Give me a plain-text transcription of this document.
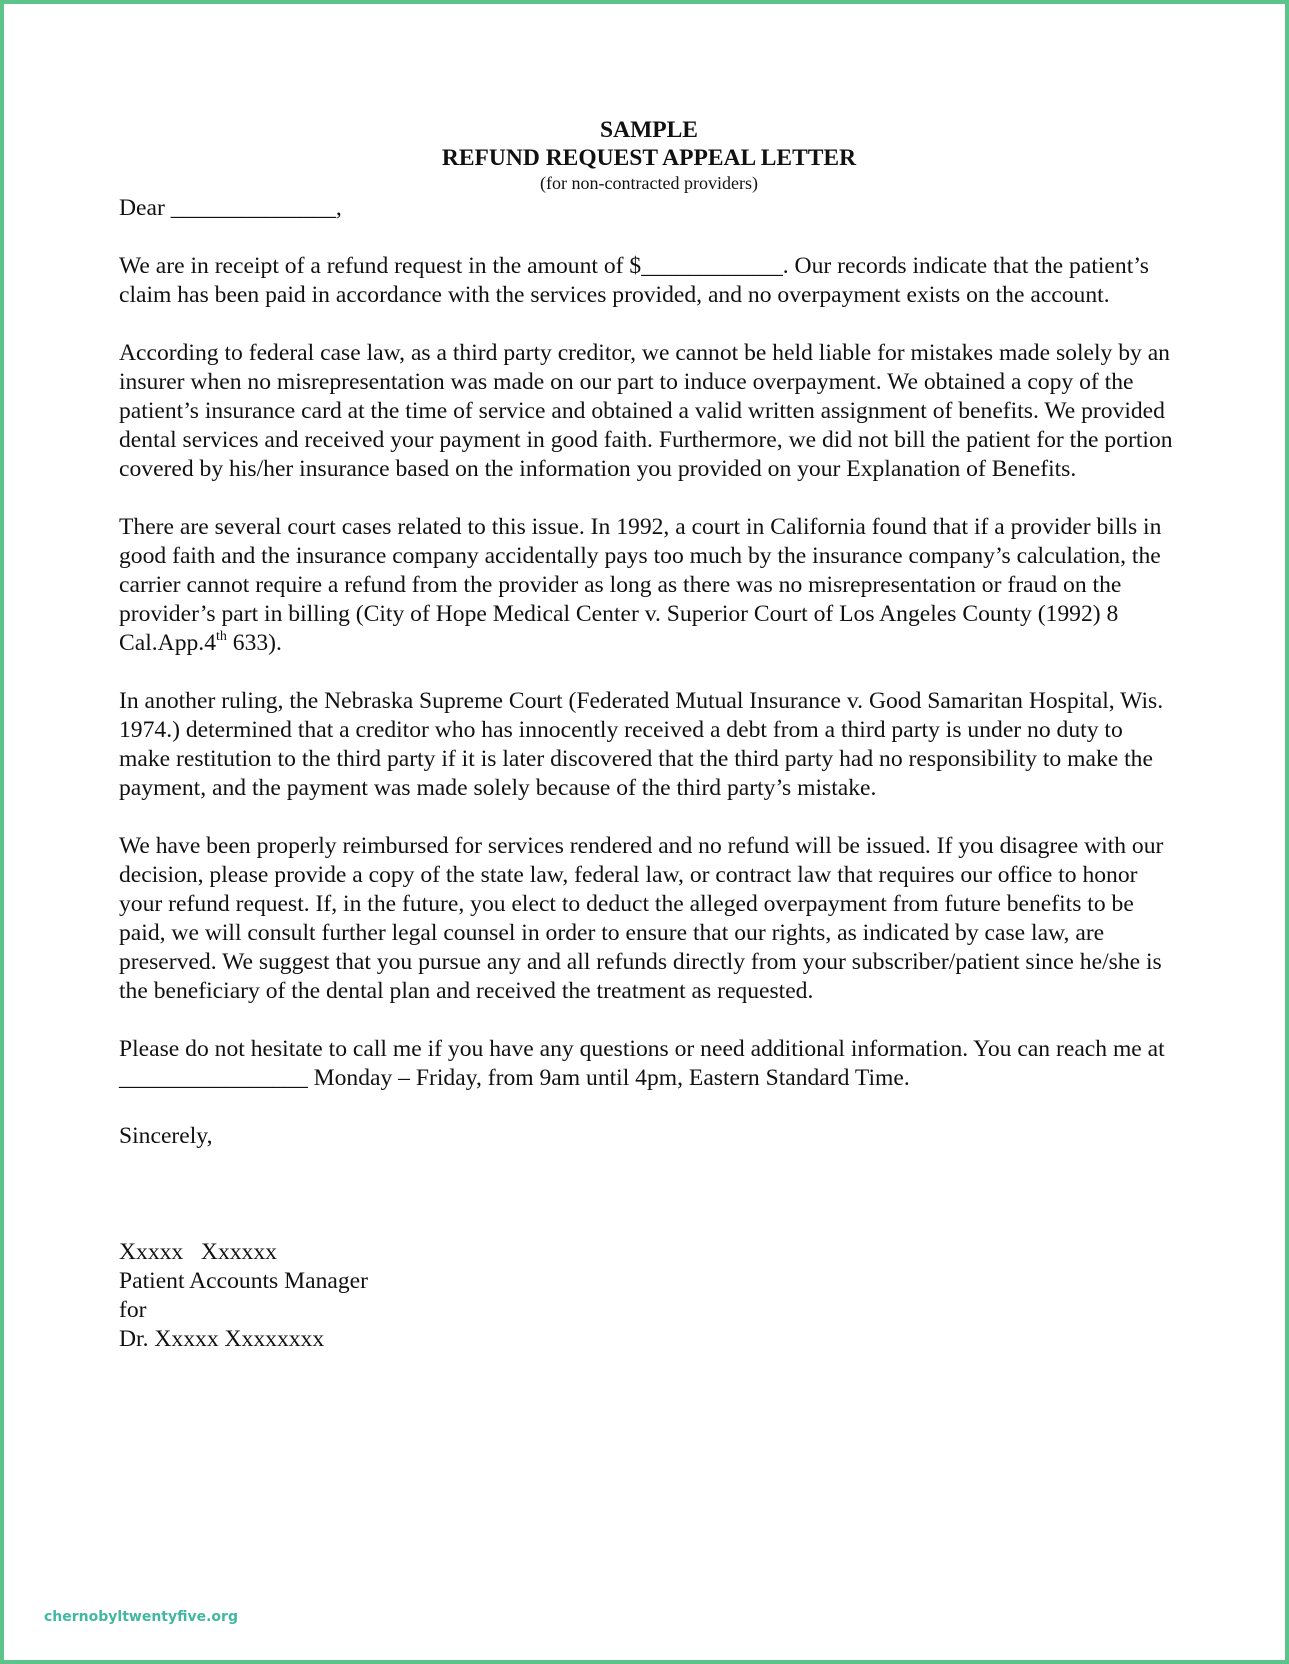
SAMPLE
REFUND REQUEST APPEAL LETTER
(for non-contracted providers)

Dear ______________,

We are in receipt of a refund request in the amount of $____________. Our records indicate that the patient’s claim has been paid in accordance with the services provided, and no overpayment exists on the account.

According to federal case law, as a third party creditor, we cannot be held liable for mistakes made solely by an insurer when no misrepresentation was made on our part to induce overpayment. We obtained a copy of the patient’s insurance card at the time of service and obtained a valid written assignment of benefits. We provided dental services and received your payment in good faith. Furthermore, we did not bill the patient for the portion covered by his/her insurance based on the information you provided on your Explanation of Benefits.

There are several court cases related to this issue. In 1992, a court in California found that if a provider bills in good faith and the insurance company accidentally pays too much by the insurance company’s calculation, the carrier cannot require a refund from the provider as long as there was no misrepresentation or fraud on the provider’s part in billing (City of Hope Medical Center v. Superior Court of Los Angeles County (1992) 8 Cal.App.4th 633).

In another ruling, the Nebraska Supreme Court (Federated Mutual Insurance v. Good Samaritan Hospital, Wis. 1974.) determined that a creditor who has innocently received a debt from a third party is under no duty to make restitution to the third party if it is later discovered that the third party had no responsibility to make the payment, and the payment was made solely because of the third party’s mistake.

We have been properly reimbursed for services rendered and no refund will be issued. If you disagree with our decision, please provide a copy of the state law, federal law, or contract law that requires our office to honor your refund request. If, in the future, you elect to deduct the alleged overpayment from future benefits to be paid, we will consult further legal counsel in order to ensure that our rights, as indicated by case law, are preserved. We suggest that you pursue any and all refunds directly from your subscriber/patient since he/she is the beneficiary of the dental plan and received the treatment as requested.

Please do not hesitate to call me if you have any questions or need additional information. You can reach me at ________________ Monday – Friday, from 9am until 4pm, Eastern Standard Time.

Sincerely,

Xxxxx   Xxxxxx
Patient Accounts Manager
for
Dr. Xxxxx Xxxxxxxx
chernobyltwentyfive.org
